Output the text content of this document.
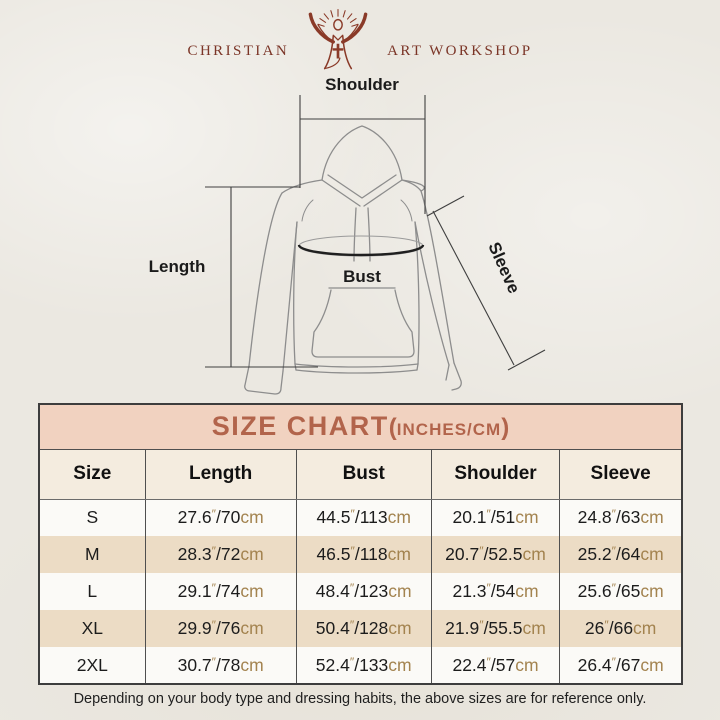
CHRISTIAN	ART WORKSHOP
Shoulder
Length
Bust	Sleeve
SIZE CHART(INCHES/CM)				
Size	Length	Bust	Shoulder	Sleeve
S	27.6″/70cm	44.5″/113cm	20.1″/51cm	24.8″/63cm
M	28.3″/72cm	46.5″/118cm	20.7″/52.5cm	25.2″/64cm
L	29.1″/74cm	48.4″/123cm	21.3″/54cm	25.6″/65cm
XL	29.9″/76cm	50.4″/128cm	21.9″/55.5cm	26″/66cm
2XL	30.7″/78cm	52.4″/133cm	22.4″/57cm	26.4″/67cm
Depending on your body type and dressing habits, the above sizes are for reference only.
